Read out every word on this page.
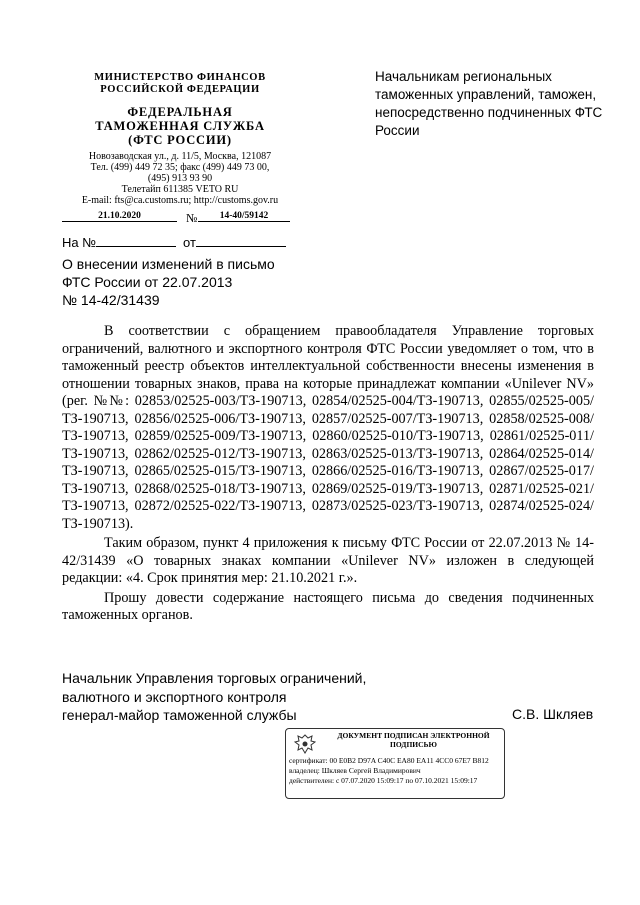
МИНИСТЕРСТВО ФИНАНСОВ РОССИЙСКОЙ ФЕДЕРАЦИИ
ФЕДЕРАЛЬНАЯ
ТАМОЖЕННАЯ СЛУЖБА
(ФТС РОССИИ)
Новозаводская ул., д. 11/5, Москва, 121087
Тел. (499) 449 72 35; факс (499) 449 73 00,
(495) 913 93 90
Телетайп 611385 VETO RU
E-mail: fts@ca.customs.ru; http://customs.gov.ru
21.10.2020	№	14-40/59142
На №	от
Начальникам региональных таможенных управлений, таможен, непосредственно подчиненных ФТС России
О внесении изменений в письмо
ФТС России от 22.07.2013
№ 14-42/31439

В соответствии с обращением правообладателя Управление торговых ограничений, валютного и экспортного контроля ФТС России уведомляет о том, что в таможенный реестр объектов интеллектуальной собственности внесены изменения в отношении товарных знаков, права на которые принадлежат компании «Unilever NV» (рег. №№: 02853/02525-003/ТЗ-190713, 02854/02525-004/ТЗ-190713, 02855/02525-005/ТЗ-190713, 02856/02525-006/ТЗ-190713, 02857/02525-007/ТЗ-190713, 02858/02525-008/ТЗ-190713, 02859/02525-009/ТЗ-190713, 02860/02525-010/ТЗ-190713, 02861/02525-011/ТЗ-190713, 02862/02525-012/ТЗ-190713, 02863/02525-013/ТЗ-190713, 02864/02525-014/ТЗ-190713, 02865/02525-015/ТЗ-190713, 02866/02525-016/ТЗ-190713, 02867/02525-017/ТЗ-190713, 02868/02525-018/ТЗ-190713, 02869/02525-019/ТЗ-190713, 02871/02525-021/ТЗ-190713, 02872/02525-022/ТЗ-190713, 02873/02525-023/ТЗ-190713, 02874/02525-024/ТЗ-190713).

Таким образом, пункт 4 приложения к письму ФТС России от 22.07.2013 № 14-42/31439 «О товарных знаках компании «Unilever NV» изложен в следующей редакции: «4. Срок принятия мер: 21.10.2021 г.».

Прошу довести содержание настоящего письма до сведения подчиненных таможенных органов.

Начальник Управления торговых ограничений,
валютного и экспортного контроля
генерал-майор таможенной службы	С.В. Шкляев
ДОКУМЕНТ ПОДПИСАН ЭЛЕКТРОННОЙ ПОДПИСЬЮ
сертификат: 00 E0B2 D97A C40C EA80 EA11 4CC0 67E7 B812
владелец: Шкляев Сергей Владимирович
действителен: с 07.07.2020 15:09:17 по 07.10.2021 15:09:17
